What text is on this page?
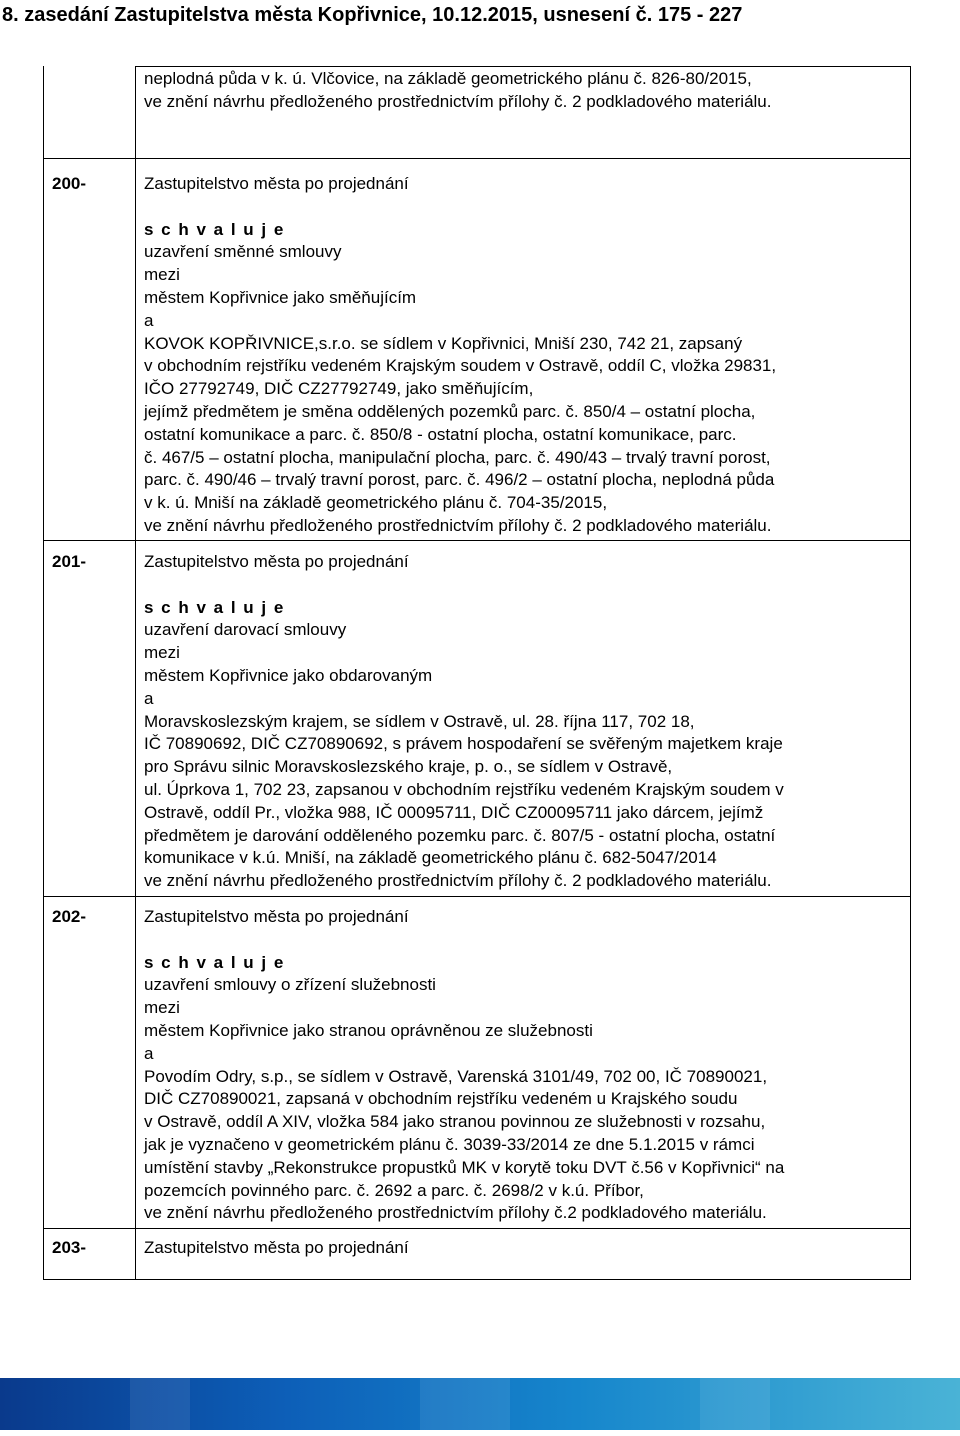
8. zasedání Zastupitelstva města Kopřivnice, 10.12.2015, usnesení č. 175 - 227
neplodná půda v k. ú. Vlčovice, na základě geometrického plánu č. 826-80/2015,
ve znění návrhu předloženého prostřednictvím přílohy č. 2 podkladového materiálu.
200-	Zastupitelstvo města po projednání
s c h v a l u j e
uzavření směnné smlouvy
mezi
městem Kopřivnice jako směňujícím
a
KOVOK KOPŘIVNICE,s.r.o. se sídlem v Kopřivnici, Mniší 230, 742 21, zapsaný
v obchodním rejstříku vedeném Krajským soudem v Ostravě, oddíl C, vložka 29831,
IČO 27792749, DIČ CZ27792749, jako směňujícím,
jejímž předmětem je směna oddělených pozemků parc. č. 850/4 – ostatní plocha,
ostatní komunikace a parc. č. 850/8 - ostatní plocha, ostatní komunikace, parc.
č. 467/5 – ostatní plocha, manipulační plocha, parc. č. 490/43 – trvalý travní porost,
parc. č. 490/46 – trvalý travní porost, parc. č. 496/2 – ostatní plocha, neplodná půda
v k. ú. Mniší na základě geometrického plánu č. 704-35/2015,
ve znění návrhu předloženého prostřednictvím přílohy č. 2 podkladového materiálu.
201-	Zastupitelstvo města po projednání
s c h v a l u j e
uzavření darovací smlouvy
mezi
městem Kopřivnice jako obdarovaným
a
Moravskoslezským krajem, se sídlem v Ostravě, ul. 28. října 117, 702 18,
IČ 70890692, DIČ CZ70890692, s právem hospodaření se svěřeným majetkem kraje
pro Správu silnic Moravskoslezského kraje, p. o., se sídlem v Ostravě,
ul. Úprkova 1, 702 23, zapsanou v obchodním rejstříku vedeném Krajským soudem v
Ostravě, oddíl Pr., vložka 988, IČ 00095711, DIČ CZ00095711 jako dárcem, jejímž
předmětem je darování odděleného pozemku parc. č. 807/5 - ostatní plocha, ostatní
komunikace v k.ú. Mniší, na základě geometrického plánu č. 682-5047/2014
ve znění návrhu předloženého prostřednictvím přílohy č. 2 podkladového materiálu.
202-	Zastupitelstvo města po projednání
s c h v a l u j e
uzavření smlouvy o zřízení služebnosti
mezi
městem Kopřivnice jako stranou oprávněnou ze služebnosti
a
Povodím Odry, s.p., se sídlem v Ostravě, Varenská 3101/49, 702 00, IČ 70890021,
DIČ CZ70890021, zapsaná v obchodním rejstříku vedeném u Krajského soudu
v Ostravě, oddíl A XIV, vložka 584 jako stranou povinnou ze služebnosti v rozsahu,
jak je vyznačeno v geometrickém plánu č. 3039-33/2014 ze dne 5.1.2015 v rámci
umístění stavby „Rekonstrukce propustků MK v korytě toku DVT č.56 v Kopřivnici“ na
pozemcích povinného parc. č. 2692 a parc. č. 2698/2 v k.ú. Příbor,
ve znění návrhu předloženého prostřednictvím přílohy č.2 podkladového materiálu.
203-	Zastupitelstvo města po projednání
